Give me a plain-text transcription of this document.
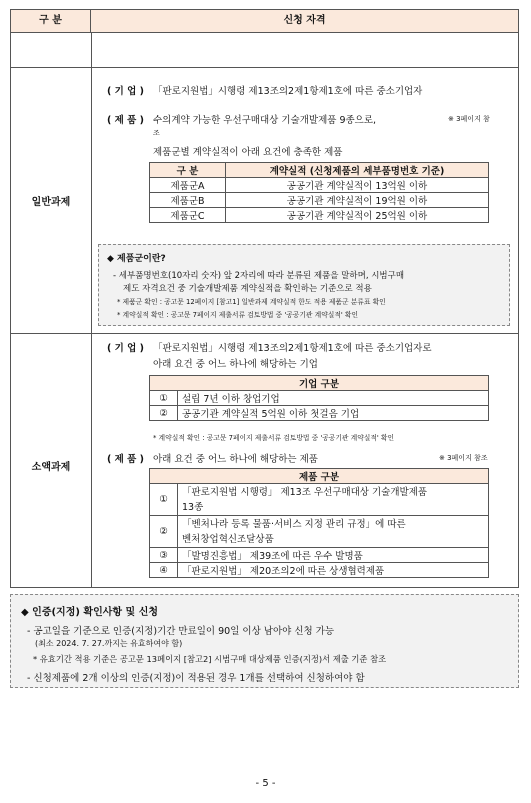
구 분	신청 자격
일반과제
( 기 업 ) 「판로지원법」시행령 제13조의2제1항제1호에 따른 중소기업자
( 제 품 ) 수의계약 가능한 우선구매대상 기술개발제품 9종으로,	※ 3페이지 참
조
제품군별 계약실적이 아래 요건에 충족한 제품
구 분	계약실적 (신청제품의 세부품명번호 기준)
제품군A	공공기관 계약실적이 13억원 이하
제품군B	공공기관 계약실적이 19억원 이하
제품군C	공공기관 계약실적이 25억원 이하
◆ 제품군이란?
- 세부품명번호(10자리 숫자) 앞 2자리에 따라 분류된 제품을 말하며, 시범구매
제도 자격요건 중 기술개발제품 계약실적을 확인하는 기준으로 적용
* 제품군 확인 : 공고문 12페이지 [참고1] 일반과제 계약실적 한도 적용 제품군 분류표 확인
* 계약실적 확인 : 공고문 7페이지 제출서류 검토방법 중 '공공기관 계약실적' 확인
소액과제
( 기 업 ) 「판로지원법」시행령 제13조의2제1항제1호에 따른 중소기업자로
아래 요건 중 어느 하나에 해당하는 기업
기업 구분	
①	설립 7년 이하 창업기업
②	공공기관 계약실적 5억원 이하 첫걸음 기업
* 계약실적 확인 : 공고문 7페이지 제출서류 검토방법 중 '공공기관 계약실적' 확인
( 제 품 ) 아래 요건 중 어느 하나에 해당하는 제품	※ 3페이지 참조
제품 구분	
①	「판로지원법 시행령」 제13조 우선구매대상 기술개발제품
13종

②	「벤처나라 등록 물품·서비스 지정 관리 규정」에 따른
벤처창업혁신조달상품

③	「발명진흥법」 제39조에 따른 우수 발명품
④	「판로지원법」 제20조의2에 따른 상생협력제품
◆ 인증(지정) 확인사항 및 신청
- 공고일을 기준으로 인증(지정)기간 만료일이 90일 이상 남아야 신청 가능
(최소 2024. 7. 27.까지는 유효하여야 함)
* 유효기간 적용 기준은 공고문 13페이지 [참고2] 시범구매 대상제품 인증(지정)서 제출 기준 참조
- 신청제품에 2개 이상의 인증(지정)이 적용된 경우 1개를 선택하여 신청하여야 함
- 5 -
